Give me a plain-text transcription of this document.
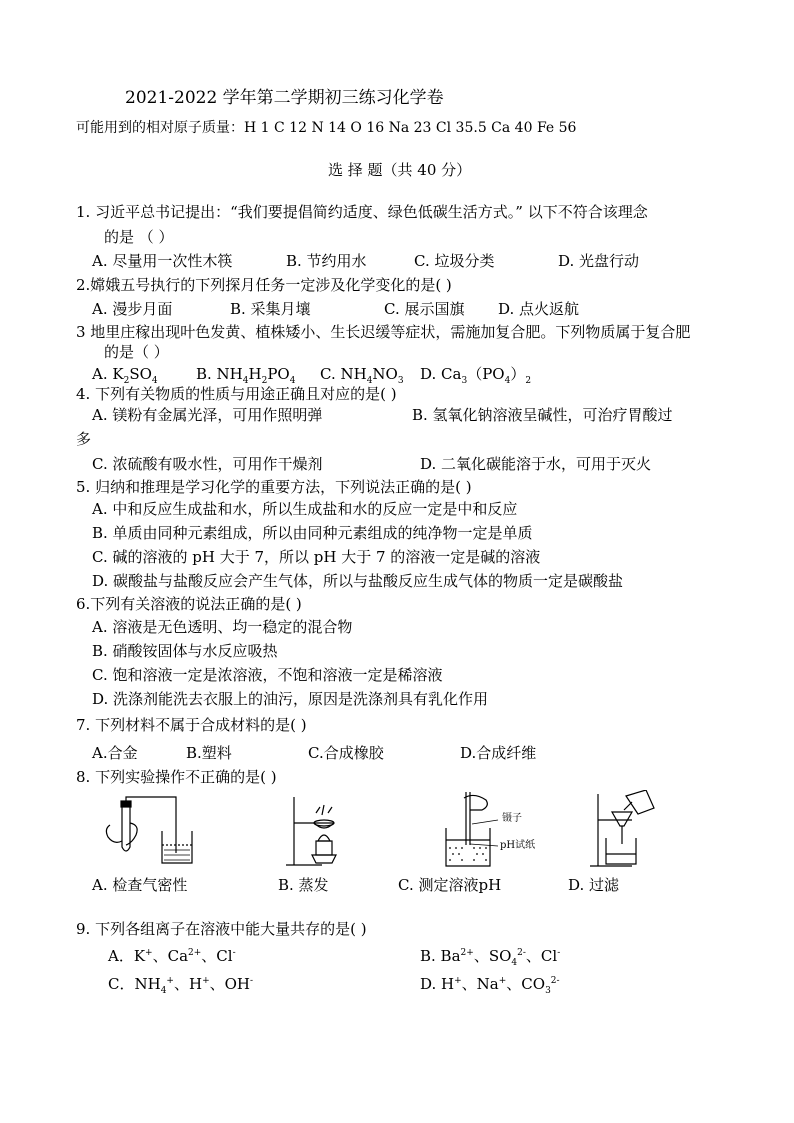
2021-2022 学年第二学期初三练习化学卷
可能用到的相对原子质量：H 1 C 12 N 14 O 16 Na 23 Cl 35.5 Ca 40 Fe 56
选 择 题（共 40 分）
1. 习近平总书记提出：“我们要提倡简约适度、绿色低碳生活方式。” 以下不符合该理念
的是 （ ）
A. 尽量用一次性木筷	B. 节约用水	C. 垃圾分类	D. 光盘行动
2.嫦娥五号执行的下列探月任务一定涉及化学变化的是( )
A. 漫步月面	B. 采集月壤	C. 展示国旗 D. 点火返航
3 地里庄稼出现叶色发黄、植株矮小、生长迟缓等症状，需施加复合肥。下列物质属于复合肥
的是（ ）
A. $K_2SO_4$	B. $NH_4H_2PO_4$ C. $NH_4NO_3$ D. $Ca_3(PO_4)_2$
4. 下列有关物质的性质与用途正确且对应的是( )
A. 镁粉有金属光泽，可用作照明弹	B. 氢氧化钠溶液呈碱性，可治疗胃酸过
多
C. 浓硫酸有吸水性，可用作干燥剂	D. 二氧化碳能溶于水，可用于灭火
5. 归纳和推理是学习化学的重要方法，下列说法正确的是( )
A. 中和反应生成盐和水，所以生成盐和水的反应一定是中和反应
B. 单质由同种元素组成，所以由同种元素组成的纯净物一定是单质
C. 碱的溶液的 pH 大于 7，所以 pH 大于 7 的溶液一定是碱的溶液
D. 碳酸盐与盐酸反应会产生气体，所以与盐酸反应生成气体的物质一定是碳酸盐
6.下列有关溶液的说法正确的是( )
A. 溶液是无色透明、均一稳定的混合物
B. 硝酸铵固体与水反应吸热
C. 饱和溶液一定是浓溶液，不饱和溶液一定是稀溶液
D. 洗涤剂能洗去衣服上的油污，原因是洗涤剂具有乳化作用
7. 下列材料不属于合成材料的是( )
A.合金	B.塑料	C.合成橡胶	D.合成纤维
8. 下列实验操作不正确的是( )
镊子
pH试纸
A. 检查气密性	B. 蒸发	C. 测定溶液pH	D. 过滤
9. 下列各组离子在溶液中能大量共存的是( )
A．K+、$Ca^{2+}$、Cl-	B. $Ba^{2+}$、$SO_4^{2-}$、Cl-
C．$NH_4^+$、H+、OH-	D. H+、Na+、$CO_3^{2-}$
